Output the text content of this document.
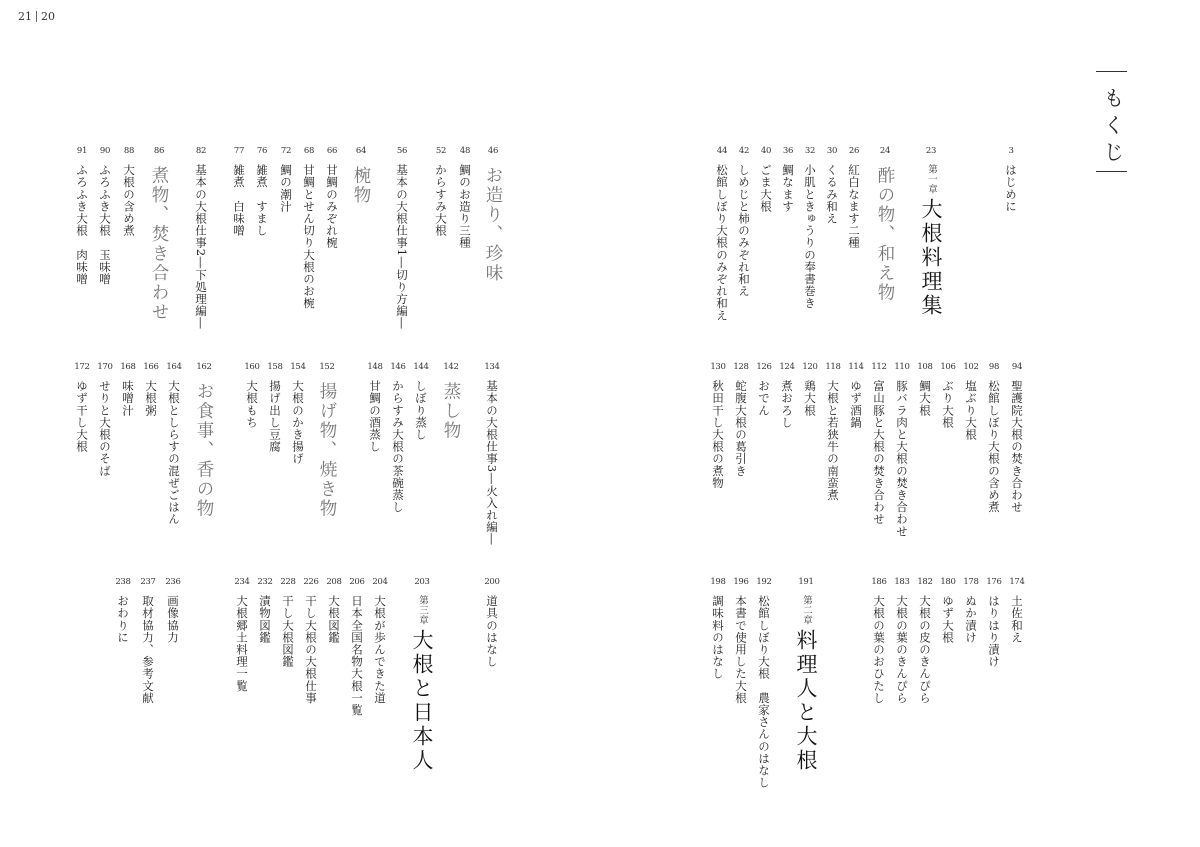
21 20
もくじ
3
はじめに
23
第一章
大根料理集
24
酢の物、和え物
26
紅白なます二種
30
くるみ和え
32
小肌ときゅうりの奉書巻き
36
鯛なます
40
ごま大根
42
しめじと柿のみぞれ和え
44
松館しぼり大根のみぞれ和え
46
お造り、珍味
48
鯛のお造り三種
52
からすみ大根
56
基本の大根仕事1―切り方編―
64
椀物
66
甘鯛のみぞれ椀
68
甘鯛とせん切り大根のお椀
72
鯛の潮汁
76
雑煮　すまし
77
雑煮　白味噌
82
基本の大根仕事2―下処理編―
86
煮物、焚き合わせ
88
大根の含め煮
90
ふろふき大根　玉味噌
91
ふろふき大根　肉味噌
94
聖護院大根の焚き合わせ
98
松館しぼり大根の含め煮
102
塩ぶり大根
106
ぶり大根
108
鯛大根
110
豚バラ肉と大根の焚き合わせ
112
富山豚と大根の焚き合わせ
114
ゆず酒鍋
118
大根と若狭牛の南蛮煮
120
鶏大根
124
煮おろし
126
おでん
128
蛇腹大根の葛引き
130
秋田干し大根の煮物
134
基本の大根仕事3―火入れ編―
142
蒸し物
144
しぼり蒸し
146
からすみ大根の茶碗蒸し
148
甘鯛の酒蒸し
152
揚げ物、焼き物
154
大根のかき揚げ
158
揚げ出し豆腐
160
大根もち
162
お食事、香の物
164
大根としらすの混ぜごはん
166
大根粥
168
味噌汁
170
せりと大根のそば
172
ゆず干し大根
174
土佐和え
176
はりはり漬け
178
ぬか漬け
180
ゆず大根
182
大根の皮のきんぴら
183
大根の葉のきんぴら
186
大根の葉のおひたし
191
第二章
料理人と大根
192
松館しぼり大根　農家さんのはなし
196
本書で使用した大根
198
調味料のはなし
200
道具のはなし
203
第三章
大根と日本人
204
大根が歩んできた道
206
日本全国名物大根一覧
208
大根図鑑
226
干し大根の大根仕事
228
干し大根図鑑
232
漬物図鑑
234
大根郷土料理一覧
236
画像協力
237
取材協力、参考文献
238
おわりに
